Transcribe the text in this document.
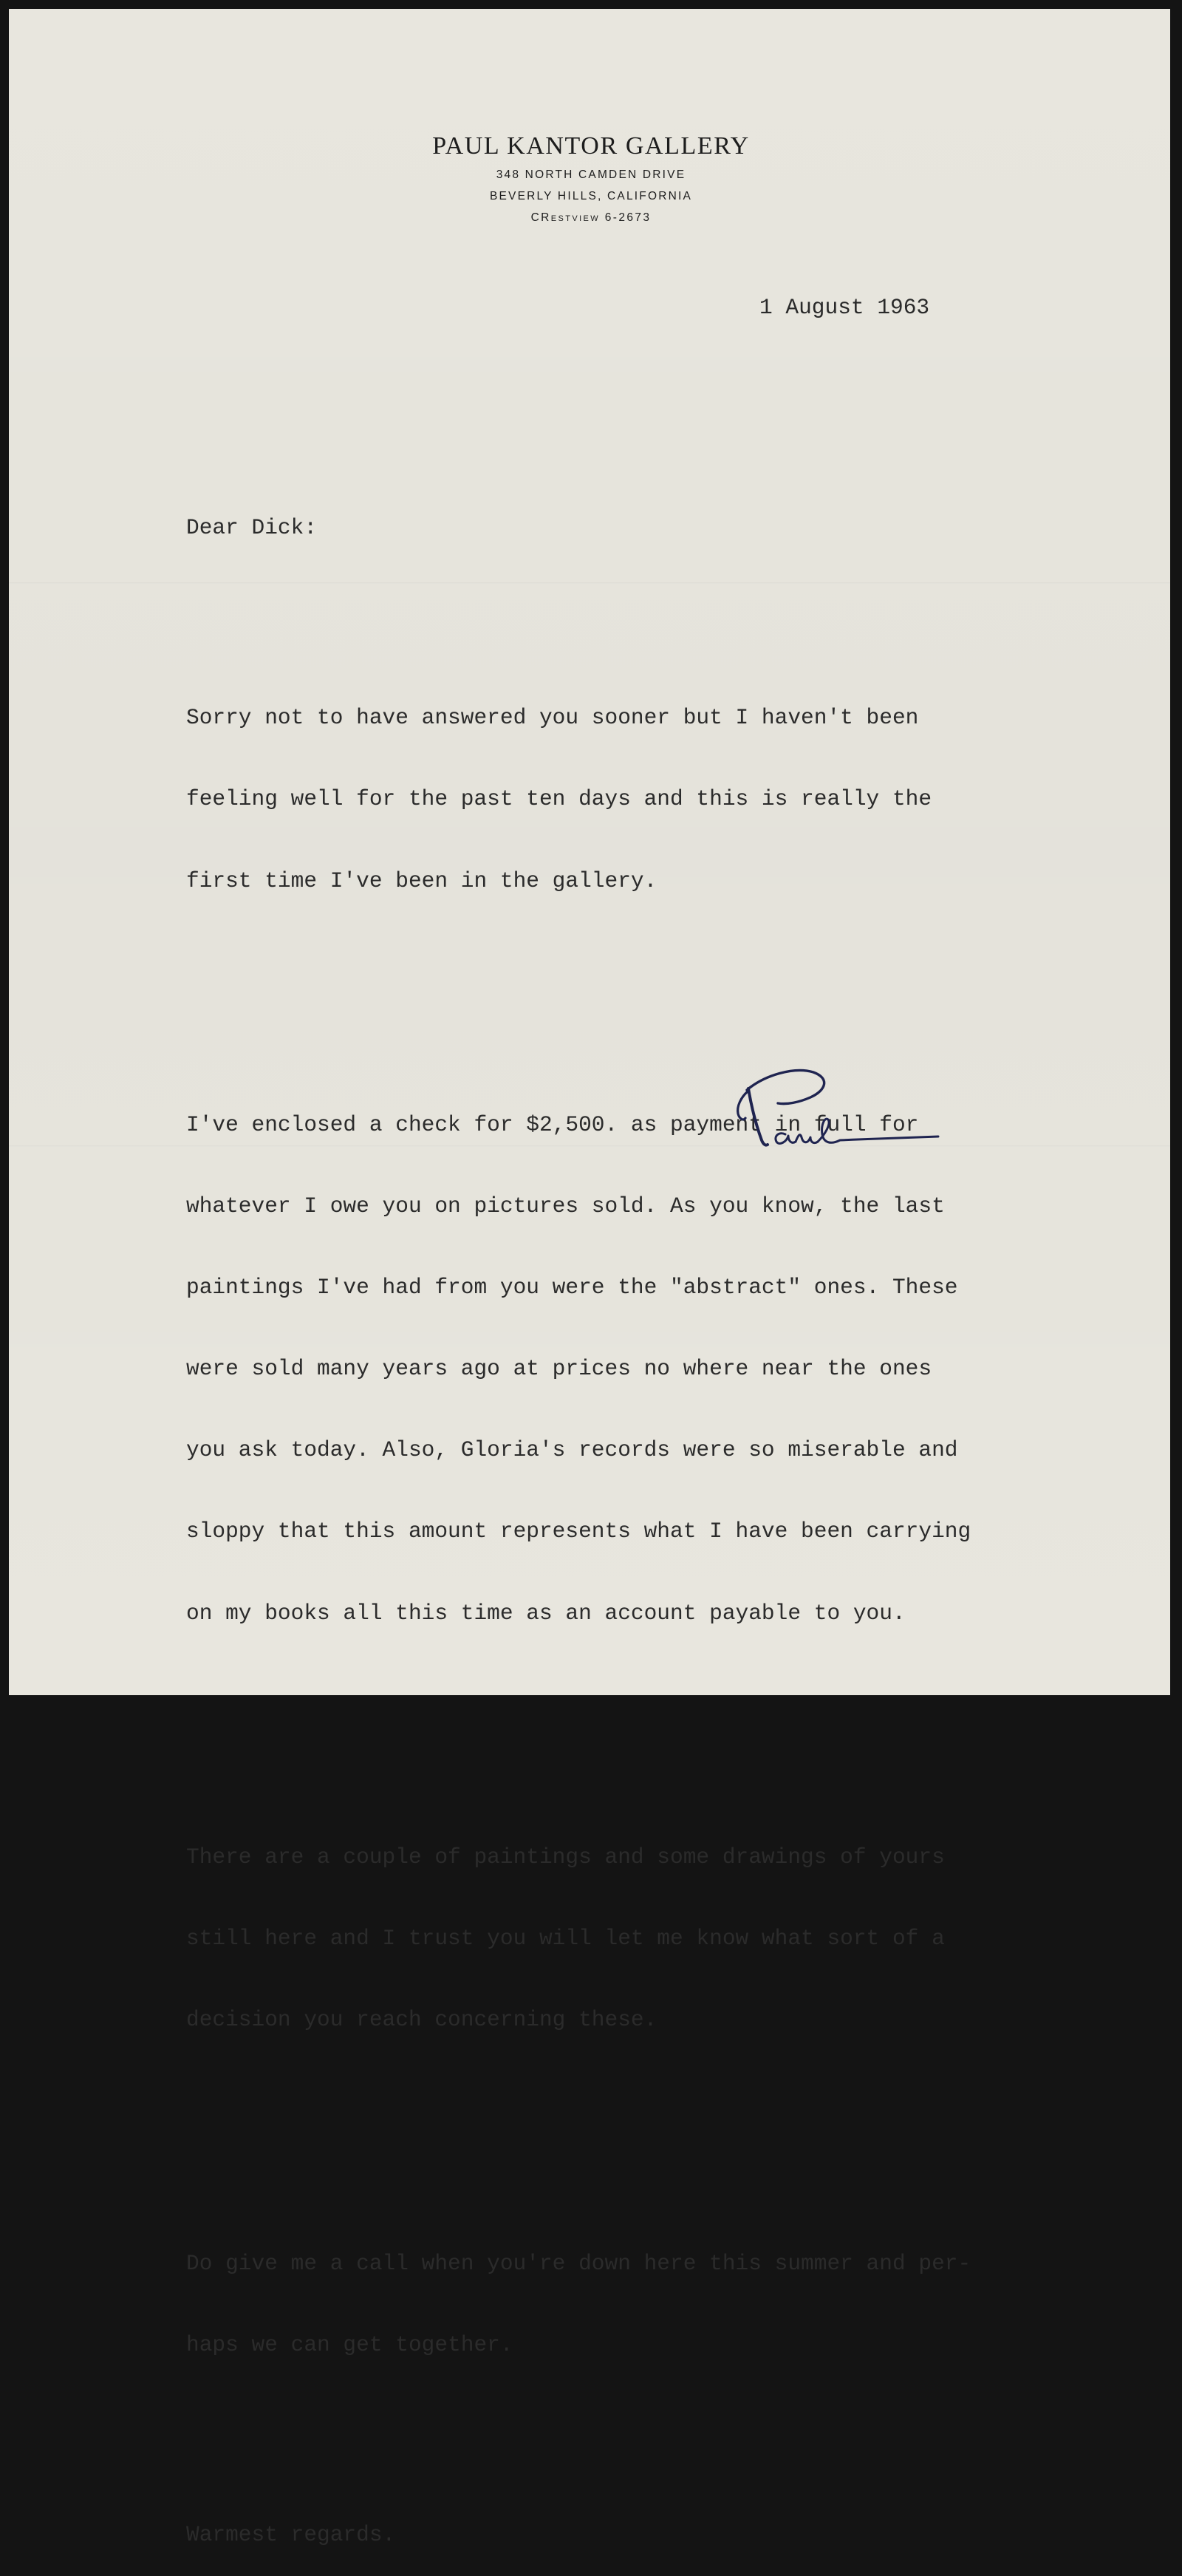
PAUL KANTOR GALLERY

348 NORTH CAMDEN DRIVE

BEVERLY HILLS, CALIFORNIA

CRestview 6-2673

1 August 1963

Dear Dick:

Sorry not to have answered you sooner but I haven't been

feeling well for the past ten days and this is really the

first time I've been in the gallery.

I've enclosed a check for $2,500. as payment in full for

whatever I owe you on pictures sold. As you know, the last

paintings I've had from you were the "abstract" ones. These

were sold many years ago at prices no where near the ones

you ask today. Also, Gloria's records were so miserable and

sloppy that this amount represents what I have been carrying

on my books all this time as an account payable to you.

There are a couple of paintings and some drawings of yours

still here and I trust you will let me know what sort of a

decision you reach concerning these.

Do give me a call when you're down here this summer and per-

haps we can get together.

Warmest regards.
